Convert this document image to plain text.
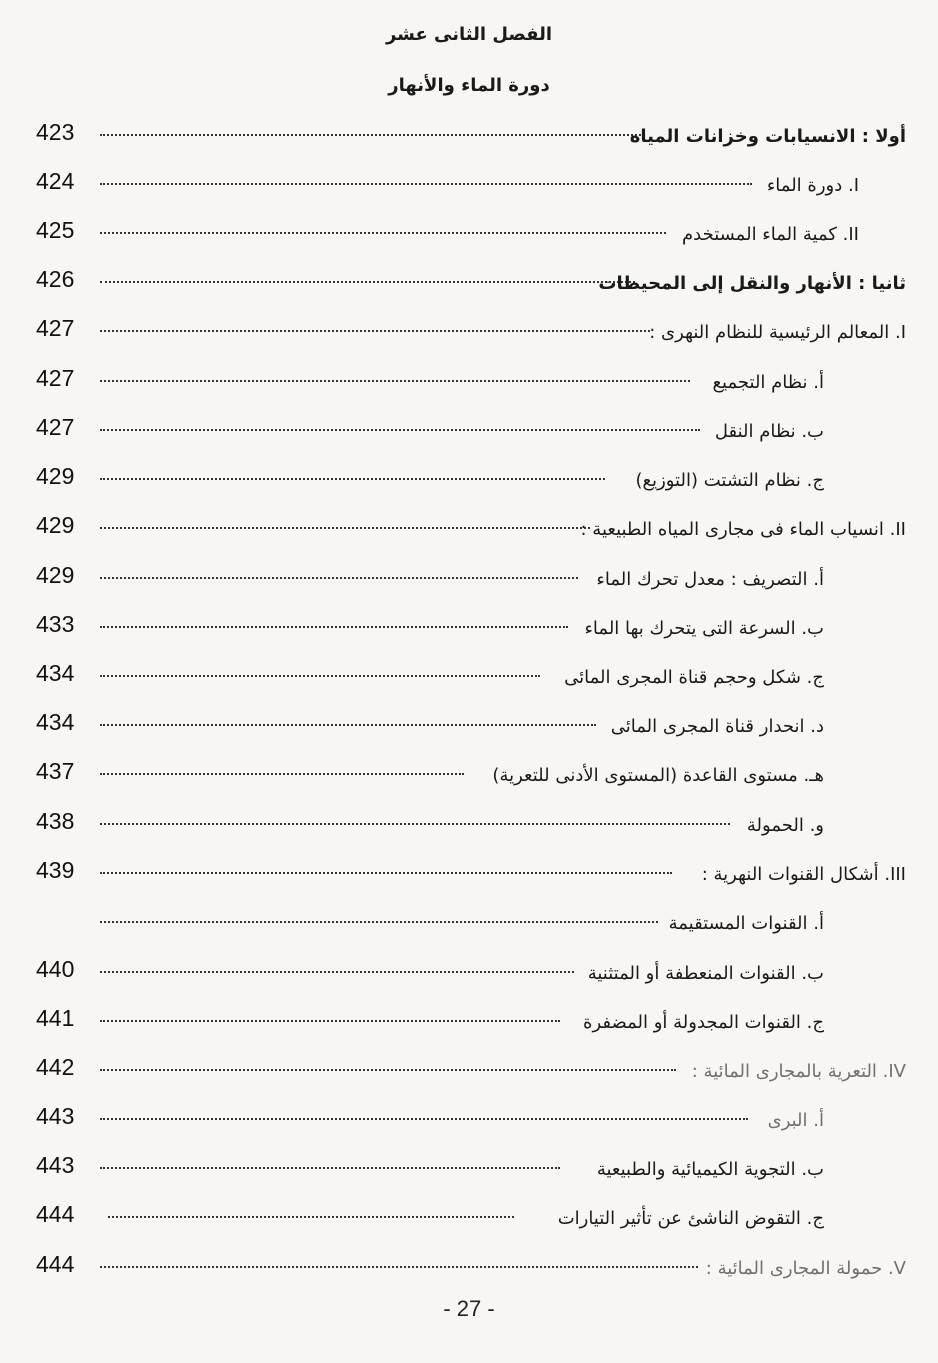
الفصل الثانى عشر
دورة الماء والأنهار
423	أولا : الانسيابات وخزانات المياه
424	I. دورة الماء
425	II. كمية الماء المستخدم
426	ثانيا : الأنهار والنقل إلى المحيطات
427	I. المعالم الرئيسية للنظام النهرى :
427	أ. نظام التجميع
427	ب. نظام النقل
429	ج. نظام التشتت (التوزيع)
429	II. انسياب الماء فى مجارى المياه الطبيعية :
429	أ. التصريف : معدل تحرك الماء
433	ب. السرعة التى يتحرك بها الماء
434	ج. شكل وحجم قناة المجرى المائى
434	د. انحدار قناة المجرى المائى
437	هـ. مستوى القاعدة (المستوى الأدنى للتعرية)
438	و. الحمولة
439	III. أشكال القنوات النهرية :
أ. القنوات المستقيمة
440	ب. القنوات المنعطفة أو المتثنية
441	ج. القنوات المجدولة أو المضفرة
442	IV. التعرية بالمجارى المائية :
443	أ. البرى
443	ب. التجوية الكيميائية والطبيعية
444	ج. التقوض الناشئ عن تأثير التيارات
444	V. حمولة المجارى المائية :
- 27 -
